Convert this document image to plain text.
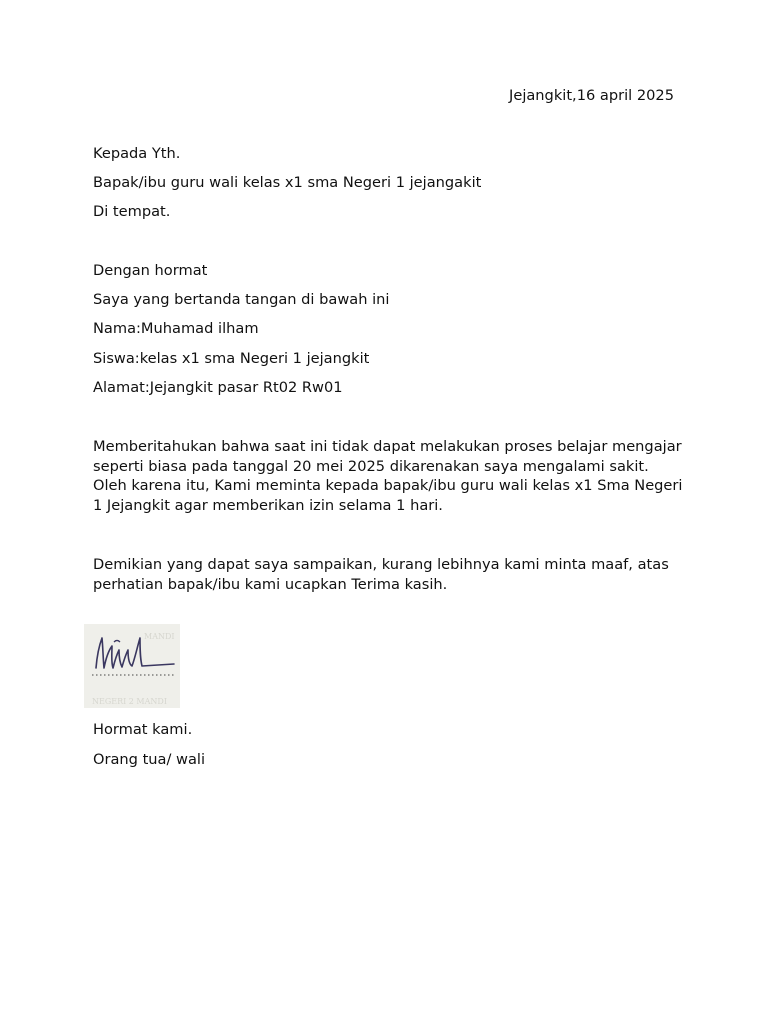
Jejangkit,16 april 2025
Kepada Yth.
Bapak/ibu guru wali kelas x1 sma Negeri 1 jejangakit
Di tempat.
Dengan hormat
Saya yang bertanda tangan di bawah ini
Nama:Muhamad ilham
Siswa:kelas x1 sma Negeri 1 jejangkit
Alamat:Jejangkit pasar Rt02 Rw01
Memberitahukan bahwa saat ini tidak dapat melakukan proses belajar mengajar seperti biasa pada tanggal 20 mei 2025 dikarenakan saya mengalami sakit. Oleh karena itu, Kami meminta kepada bapak/ibu guru wali kelas x1 Sma Negeri 1 Jejangkit agar memberikan izin selama 1 hari.
Demikian yang dapat saya sampaikan, kurang lebihnya kami minta maaf, atas perhatian bapak/ibu kami ucapkan Terima kasih.
MANDI
NEGERI 2 MANDI
Hormat kami.
Orang tua/ wali
